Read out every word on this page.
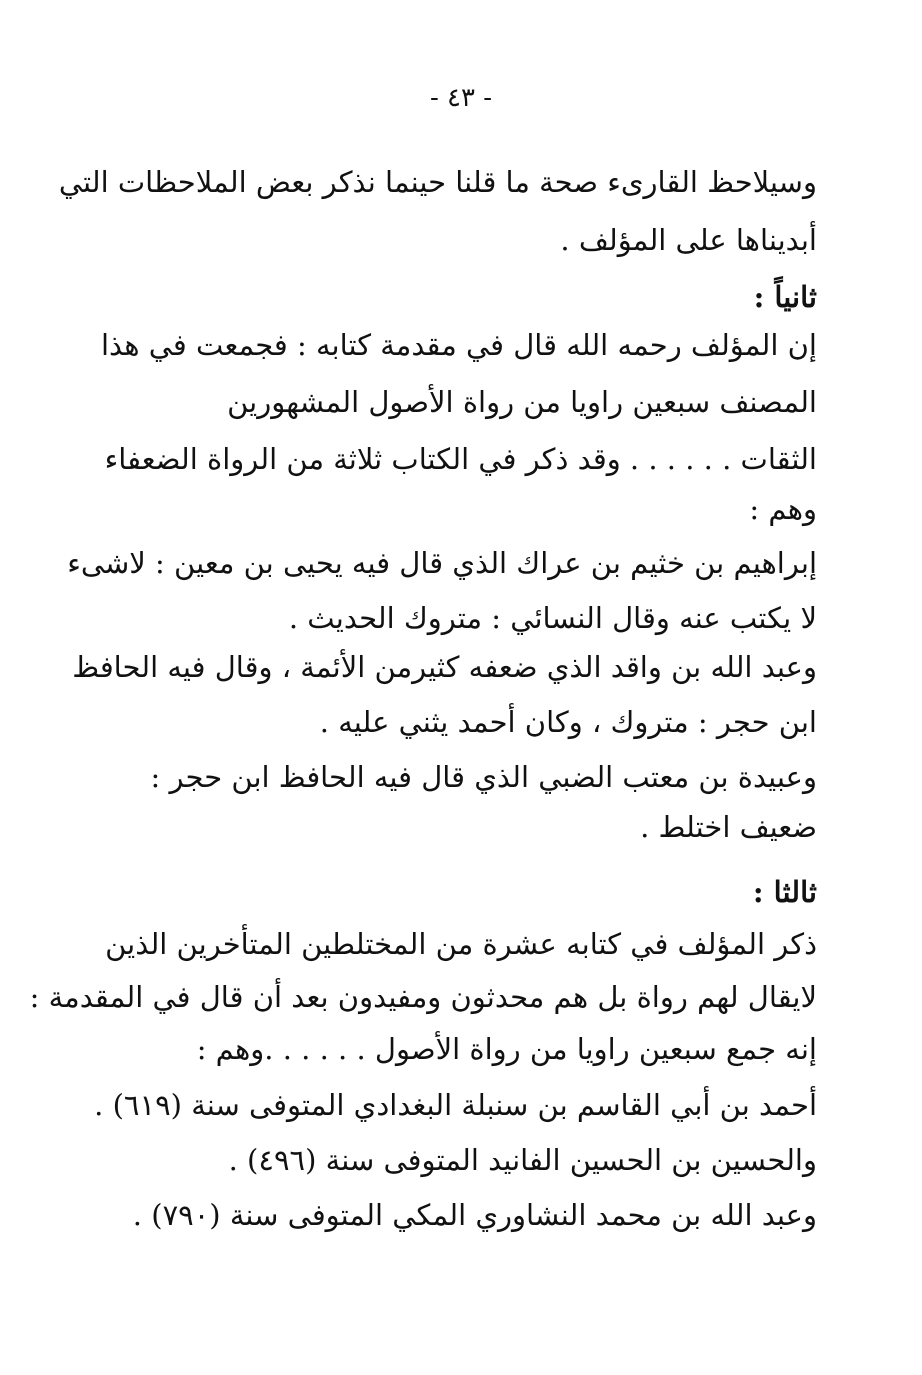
- ٤٣ -
وسيلاحظ القارىء صحة ما قلنا حينما نذكر بعض الملاحظات التي
أبديناها على المؤلف .
ثانياً :
إن المؤلف رحمه الله قال في مقدمة كتابه : فجمعت في هذا
المصنف سبعين راويا من رواة الأصول المشهورين
الثقات . . . . . . وقد ذكر في الكتاب ثلاثة من الرواة الضعفاء
وهم :
إبراهيم بن خثيم بن عراك الذي قال فيه يحيى بن معين : لاشىء
لا يكتب عنه وقال النسائي : متروك الحديث .
وعبد الله بن واقد الذي ضعفه كثيرمن الأئمة ، وقال فيه الحافظ
ابن حجر : متروك ، وكان أحمد يثني عليه .
وعبيدة بن معتب الضبي الذي قال فيه الحافظ ابن حجر :
ضعيف اختلط .
ثالثا :
ذكر المؤلف في كتابه عشرة من المختلطين المتأخرين الذين
لايقال لهم رواة بل هم محدثون ومفيدون بعد أن قال في المقدمة :
إنه جمع سبعين راويا من رواة الأصول . . . . . .وهم :
أحمد بن أبي القاسم بن سنبلة البغدادي المتوفى سنة (٦١٩) .
والحسين بن الحسين الفانيد المتوفى سنة (٤٩٦) .
وعبد الله بن محمد النشاوري المكي المتوفى سنة (٧٩٠) .
